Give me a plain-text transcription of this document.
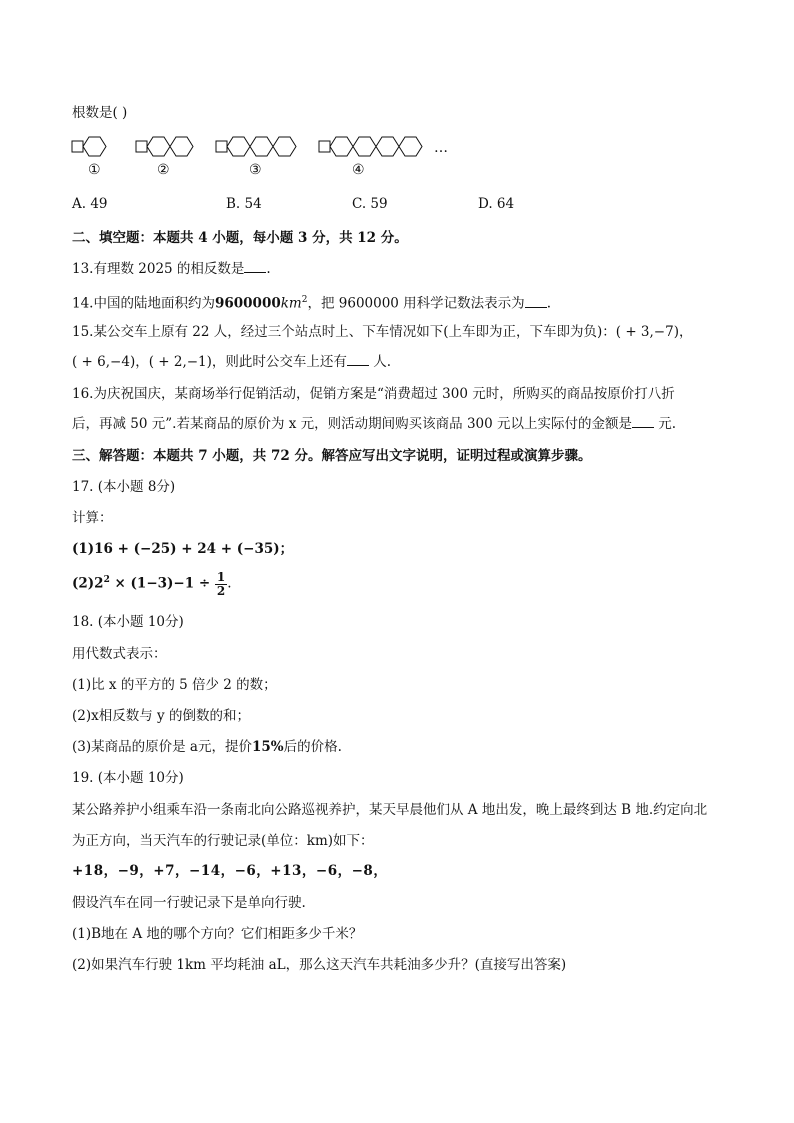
根数是( )
…
①	②	③	④
A. 49	B. 54	C. 59	D. 64
二、填空题：本题共 4 小题，每小题 3 分，共 12 分。
13.有理数 2025 的相反数是 .
14.中国的陆地面积约为$9600000km^2$，把 9600000 用科学记数法表示为 .
15.某公交车上原有 22 人，经过三个站点时上、下车情况如下(上车即为正，下车即为负)：( + 3,−7)，
( + 6,−4)，( + 2,−1)，则此时公交车上还有 人.
16.为庆祝国庆，某商场举行促销活动，促销方案是“消费超过 300 元时，所购买的商品按原价打八折
后，再减 50 元”.若某商品的原价为 x 元，则活动期间购买该商品 300 元以上实际付的金额是 元.
三、解答题：本题共 7 小题，共 72 分。解答应写出文字说明，证明过程或演算步骤。
17. (本小题 8分)
计算：
(1)16 + (−25) + 24 + (−35)；
$(2)2^2 \times (1-3)-1 \div \frac{1}{2}$ .
18. (本小题 10分)
用代数式表示：
(1)比 x 的平方的 5 倍少 2 的数；
(2)x相反数与 y 的倒数的和；
(3)某商品的原价是 a元，提价15%后的价格.
19. (本小题 10分)
某公路养护小组乘车沿一条南北向公路巡视养护，某天早晨他们从 A 地出发，晚上最终到达 B 地.约定向北
为正方向，当天汽车的行驶记录(单位：km)如下：
+18，−9，+7，−14，−6，+13，−6，−8，
假设汽车在同一行驶记录下是单向行驶.
(1)B地在 A 地的哪个方向？它们相距多少千米？
(2)如果汽车行驶 1km 平均耗油 aL，那么这天汽车共耗油多少升？(直接写出答案)
